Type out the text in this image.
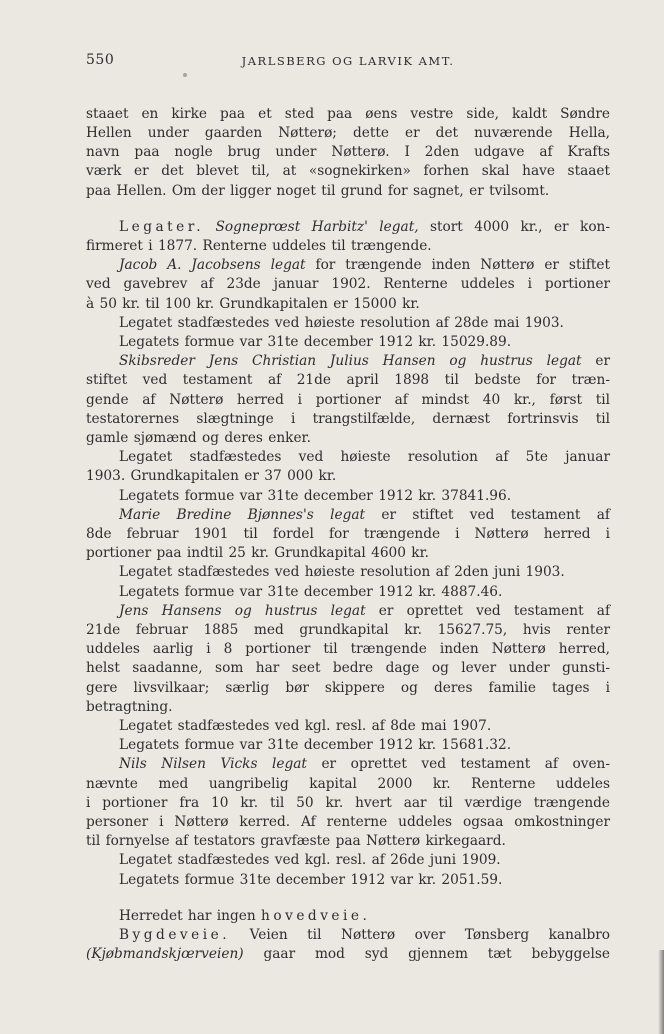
550	JARLSBERG OG LARVIK AMT.

staaet en kirke paa et sted paa øens vestre side, kaldt Søndre

Hellen under gaarden Nøtterø; dette er det nuværende Hella,

navn paa nogle brug under Nøtterø. I 2den udgave af Krafts

værk er det blevet til, at «sognekirken» forhen skal have staaet

paa Hellen. Om der ligger noget til grund for sagnet, er tvilsomt.

Legater. Sogneprœst Harbitz' legat, stort 4000 kr., er kon-

firmeret i 1877. Renterne uddeles til trængende.

Jacob A. Jacobsens legat for trængende inden Nøtterø er stiftet

ved gavebrev af 23de januar 1902. Renterne uddeles i portioner

à 50 kr. til 100 kr. Grundkapitalen er 15000 kr.

Legatet stadfæstedes ved høieste resolution af 28de mai 1903.

Legatets formue var 31te december 1912 kr. 15029.89.

Skibsreder Jens Christian Julius Hansen og hustrus legat er

stiftet ved testament af 21de april 1898 til bedste for træn-

gende af Nøtterø herred i portioner af mindst 40 kr., først til

testatorernes slægtninge i trangstilfælde, dernæst fortrinsvis til

gamle sjømænd og deres enker.

Legatet stadfæstedes ved høieste resolution af 5te januar

1903. Grundkapitalen er 37 000 kr.

Legatets formue var 31te december 1912 kr. 37841.96.

Marie Bredine Bjønnes's legat er stiftet ved testament af

8de februar 1901 til fordel for trængende i Nøtterø herred i

portioner paa indtil 25 kr. Grundkapital 4600 kr.

Legatet stadfæstedes ved høieste resolution af 2den juni 1903.

Legatets formue var 31te december 1912 kr. 4887.46.

Jens Hansens og hustrus legat er oprettet ved testament af

21de februar 1885 med grundkapital kr. 15627.75, hvis renter

uddeles aarlig i 8 portioner til trængende inden Nøtterø herred,

helst saadanne, som har seet bedre dage og lever under gunsti-

gere livsvilkaar; særlig bør skippere og deres familie tages i

betragtning.

Legatet stadfæstedes ved kgl. resl. af 8de mai 1907.

Legatets formue var 31te december 1912 kr. 15681.32.

Nils Nilsen Vicks legat er oprettet ved testament af oven-

nævnte med uangribelig kapital 2000 kr. Renterne uddeles

i portioner fra 10 kr. til 50 kr. hvert aar til værdige trængende

personer i Nøtterø kerred. Af renterne uddeles ogsaa omkostninger

til fornyelse af testators gravfæste paa Nøtterø kirkegaard.

Legatet stadfæstedes ved kgl. resl. af 26de juni 1909.

Legatets formue 31te december 1912 var kr. 2051.59.

Herredet har ingen hovedveie.

Bygdeveie. Veien til Nøtterø over Tønsberg kanalbro

(Kjøbmandskjœrveien) gaar mod syd gjennem tæt bebyggelse
